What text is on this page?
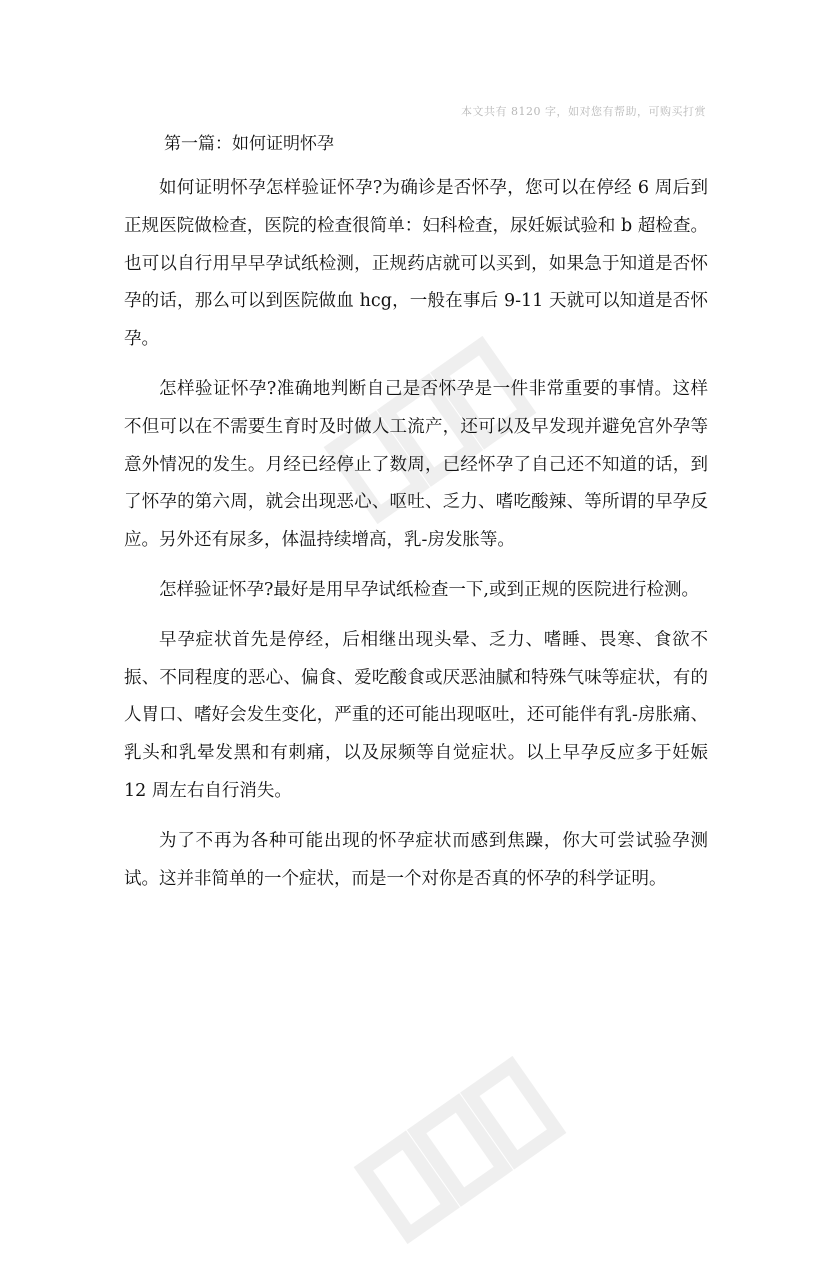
本文共有 8120 字，如对您有帮助，可购买打赏
第一篇：如何证明怀孕

如何证明怀孕怎样验证怀孕?为确诊是否怀孕，您可以在停经 6 周后到正规医院做检查，医院的检查很简单：妇科检查，尿妊娠试验和 b 超检查。也可以自行用早早孕试纸检测，正规药店就可以买到，如果急于知道是否怀孕的话，那么可以到医院做血 hcg，一般在事后 9-11 天就可以知道是否怀孕。

怎样验证怀孕?准确地判断自己是否怀孕是一件非常重要的事情。这样不但可以在不需要生育时及时做人工流产，还可以及早发现并避免宫外孕等意外情况的发生。月经已经停止了数周，已经怀孕了自己还不知道的话，到了怀孕的第六周，就会出现恶心、呕吐、乏力、嗜吃酸辣、等所谓的早孕反应。另外还有尿多，体温持续增高，乳-房发胀等。

怎样验证怀孕?最好是用早孕试纸检查一下,或到正规的医院进行检测。

早孕症状首先是停经，后相继出现头晕、乏力、嗜睡、畏寒、食欲不振、不同程度的恶心、偏食、爱吃酸食或厌恶油腻和特殊气味等症状，有的人胃口、嗜好会发生变化，严重的还可能出现呕吐，还可能伴有乳-房胀痛、乳头和乳晕发黑和有刺痛，以及尿频等自觉症状。以上早孕反应多于妊娠 12 周左右自行消失。

为了不再为各种可能出现的怀孕症状而感到焦躁，你大可尝试验孕测试。这并非简单的一个症状，而是一个对你是否真的怀孕的科学证明。
